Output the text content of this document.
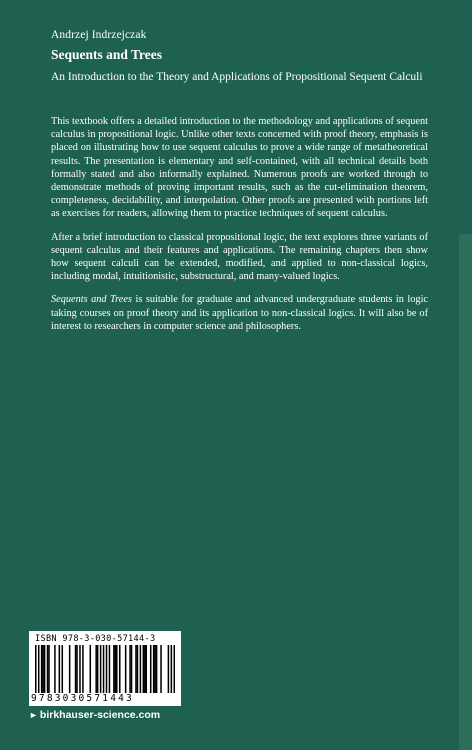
Andrzej Indrzejczak
Sequents and Trees
An Introduction to the Theory and Applications of Propositional Sequent Calculi

This textbook offers a detailed introduction to the methodology and applications of sequent calculus in propositional logic. Unlike other texts concerned with proof theory, emphasis is placed on illustrating how to use sequent calculus to prove a wide range of metatheoretical results. The presentation is elementary and self-contained, with all technical details both formally stated and also informally explained. Numerous proofs are worked through to demonstrate methods of proving important results, such as the cut-elimination theorem, completeness, decidability, and interpolation. Other proofs are presented with portions left as exercises for readers, allowing them to practice techniques of sequent calculus.

After a brief introduction to classical propositional logic, the text explores three variants of sequent calculus and their features and applications. The remaining chapters then show how sequent calculi can be extended, modified, and applied to non-classical logics, including modal, intuitionistic, substructural, and many-valued logics.

Sequents and Trees is suitable for graduate and advanced undergraduate students in logic taking courses on proof theory and its application to non-classical logics. It will also be of interest to researchers in computer science and philosophers.

ISBN 978-3-030-57144-3
9783030571443
► birkhauser-science.com
